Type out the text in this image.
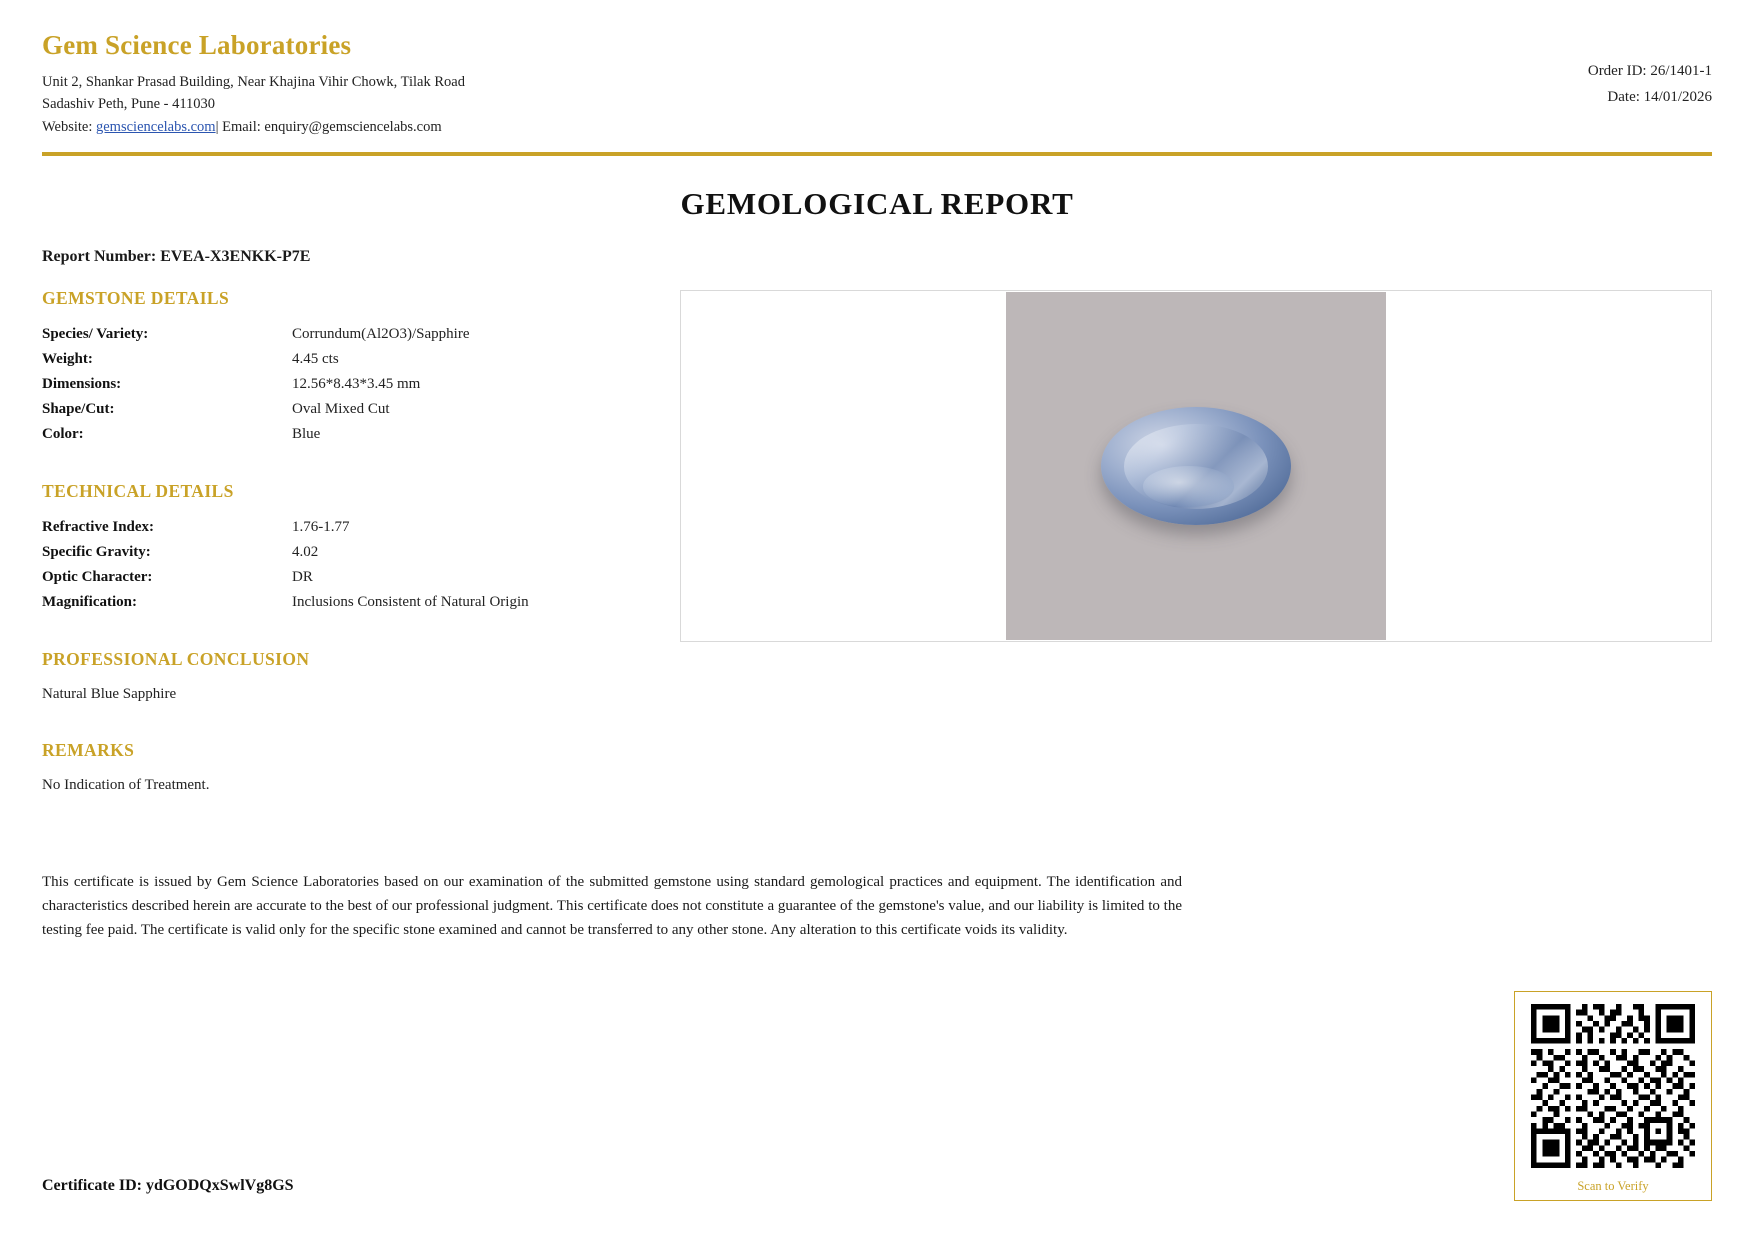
Gem Science Laboratories
Unit 2, Shankar Prasad Building, Near Khajina Vihir Chowk, Tilak Road
Sadashiv Peth, Pune - 411030
Website: gemsciencelabs.com| Email: enquiry@gemsciencelabs.com
Order ID: 26/1401-1
Date: 14/01/2026
GEMOLOGICAL REPORT
Report Number: EVEA-X3ENKK-P7E
GEMSTONE DETAILS
Species/ Variety:	Corrundum(Al2O3)/Sapphire
Weight:	4.45 cts
Dimensions:	12.56*8.43*3.45 mm
Shape/Cut:	Oval Mixed Cut
Color:	Blue
TECHNICAL DETAILS
Refractive Index:	1.76-1.77
Specific Gravity:	4.02
Optic Character:	DR
Magnification:	Inclusions Consistent of Natural Origin
PROFESSIONAL CONCLUSION
Natural Blue Sapphire
REMARKS
No Indication of Treatment.
This certificate is issued by Gem Science Laboratories based on our examination of the submitted gemstone using standard gemological practices and equipment. The identification and characteristics described herein are accurate to the best of our professional judgment. This certificate does not constitute a guarantee of the gemstone's value, and our liability is limited to the testing fee paid. The certificate is valid only for the specific stone examined and cannot be transferred to any other stone. Any alteration to this certificate voids its validity.
Scan to Verify
Certificate ID: ydGODQxSwlVg8GS
